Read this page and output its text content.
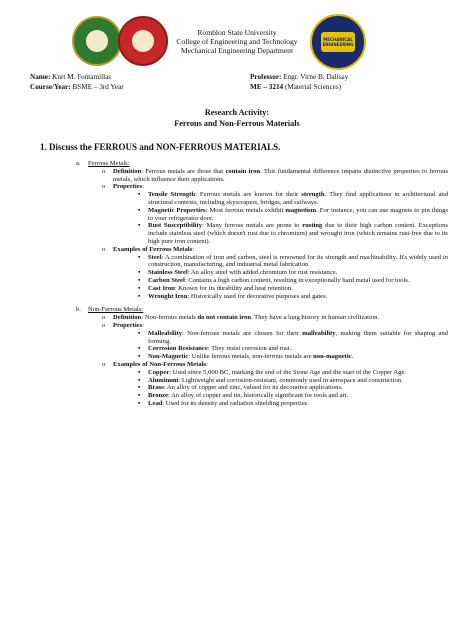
Romblon State University
College of Engineering and Technology
Mechanical Engineering Department
MECHANICAL ENGINEERING
Name: Kurt M. Fontamillas
Course/Year: BSME – 3rd Year
Professor: Engr. Virne B. Dalisay
ME – 3214 (Material Sciences)
Research Activity:
Ferrous and Non-Ferrous Materials
1. Discuss the FERROUS and NON-FERROUS MATERIALS.
a. Ferrous Metals:
o Definition: Ferrous metals are those that contain iron. This fundamental difference imparts distinctive properties to ferrous metals, which influence their applications.
o Properties:
▪ Tensile Strength: Ferrous metals are known for their strength. They find applications in architectural and structural contexts, including skyscrapers, bridges, and railways.
▪ Magnetic Properties: Most ferrous metals exhibit magnetism. For instance, you can use magnets to pin things to your refrigerator door.
▪ Rust Susceptibility: Many ferrous metals are prone to rusting due to their high carbon content. Exceptions include stainless steel (which doesn't rust due to chromium) and wrought iron (which remains rust-free due to its high pure iron content).
o Examples of Ferrous Metals:
▪ Steel: A combination of iron and carbon, steel is renowned for its strength and machinability. It's widely used in construction, manufacturing, and industrial metal fabrication.
▪ Stainless Steel: An alloy steel with added chromium for rust resistance.
▪ Carbon Steel: Contains a high carbon content, resulting in exceptionally hard metal used for tools.
▪ Cast Iron: Known for its durability and heat retention.
▪ Wrought Iron: Historically used for decorative purposes and gates.
b. Non-Ferrous Metals:
o Definition: Non-ferrous metals do not contain iron. They have a long history in human civilization.
o Properties:
▪ Malleability: Non-ferrous metals are chosen for their malleability, making them suitable for shaping and forming.
▪ Corrosion Resistance: They resist corrosion and rust.
▪ Non-Magnetic: Unlike ferrous metals, non-ferrous metals are non-magnetic.
o Examples of Non-Ferrous Metals:
▪ Copper: Used since 5,000 BC, marking the end of the Stone Age and the start of the Copper Age.
▪ Aluminum: Lightweight and corrosion-resistant, commonly used in aerospace and construction.
▪ Brass: An alloy of copper and zinc, valued for its decorative applications.
▪ Bronze: An alloy of copper and tin, historically significant for tools and art.
▪ Lead: Used for its density and radiation shielding properties.
